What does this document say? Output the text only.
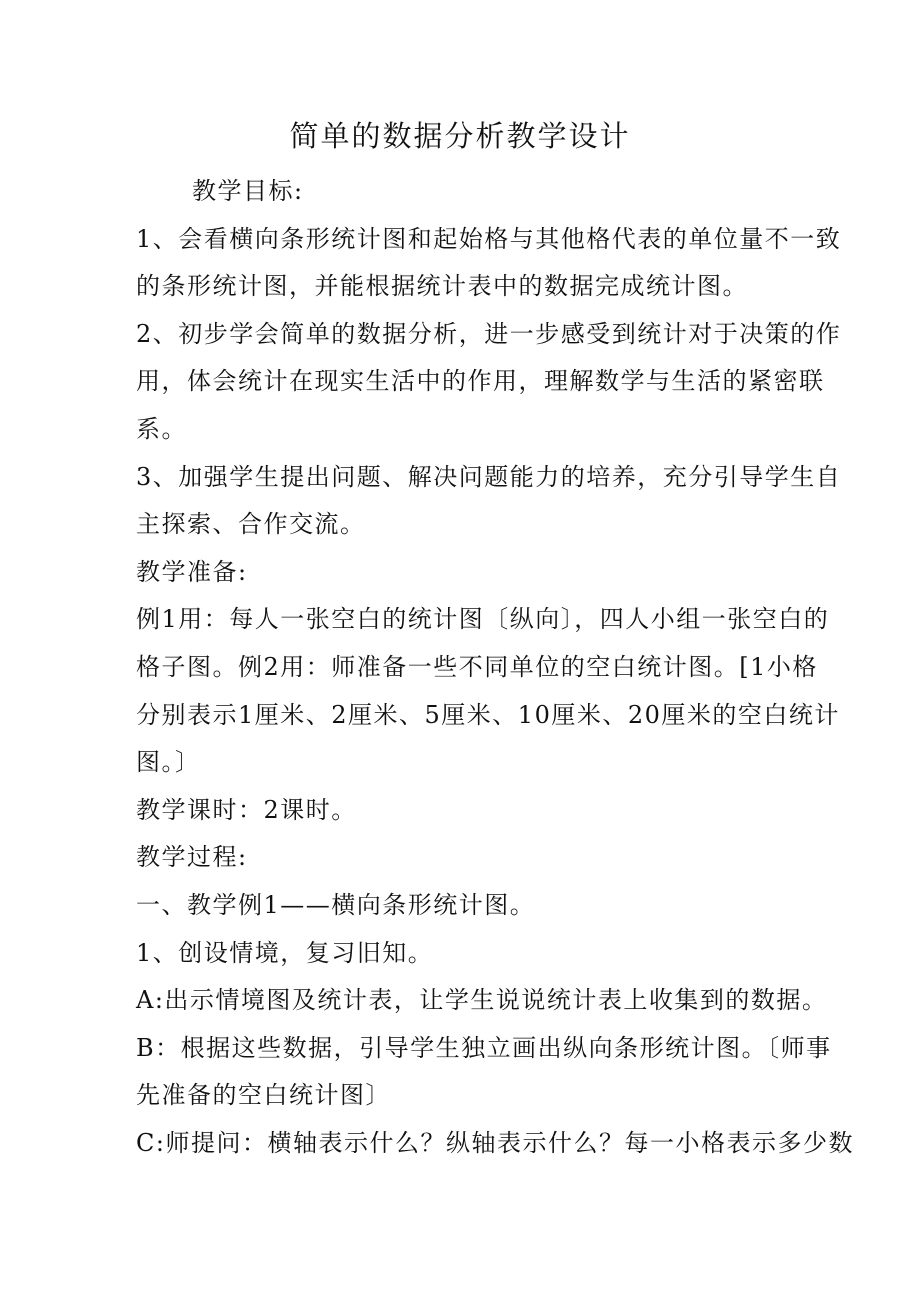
简单的数据分析教学设计

教学目标:

1、会看横向条形统计图和起始格与其他格代表的单位量不一致

的条形统计图，并能根据统计表中的数据完成统计图。

2、初步学会简单的数据分析，进一步感受到统计对于决策的作

用，体会统计在现实生活中的作用，理解数学与生活的紧密联

系。

3、加强学生提出问题、解决问题能力的培养，充分引导学生自

主探索、合作交流。

教学准备:

例1用：每人一张空白的统计图〔纵向〕，四人小组一张空白的

格子图。例2用：师准备一些不同单位的空白统计图。[1小格

分别表示1厘米、2厘米、5厘米、10厘米、20厘米的空白统计

图。〕

教学课时：2课时。

教学过程:

一、教学例1——横向条形统计图。

1、创设情境，复习旧知。

A:出示情境图及统计表，让学生说说统计表上收集到的数据。

B：根据这些数据，引导学生独立画出纵向条形统计图。〔师事

先准备的空白统计图〕

C:师提问：横轴表示什么？纵轴表示什么？每一小格表示多少数
